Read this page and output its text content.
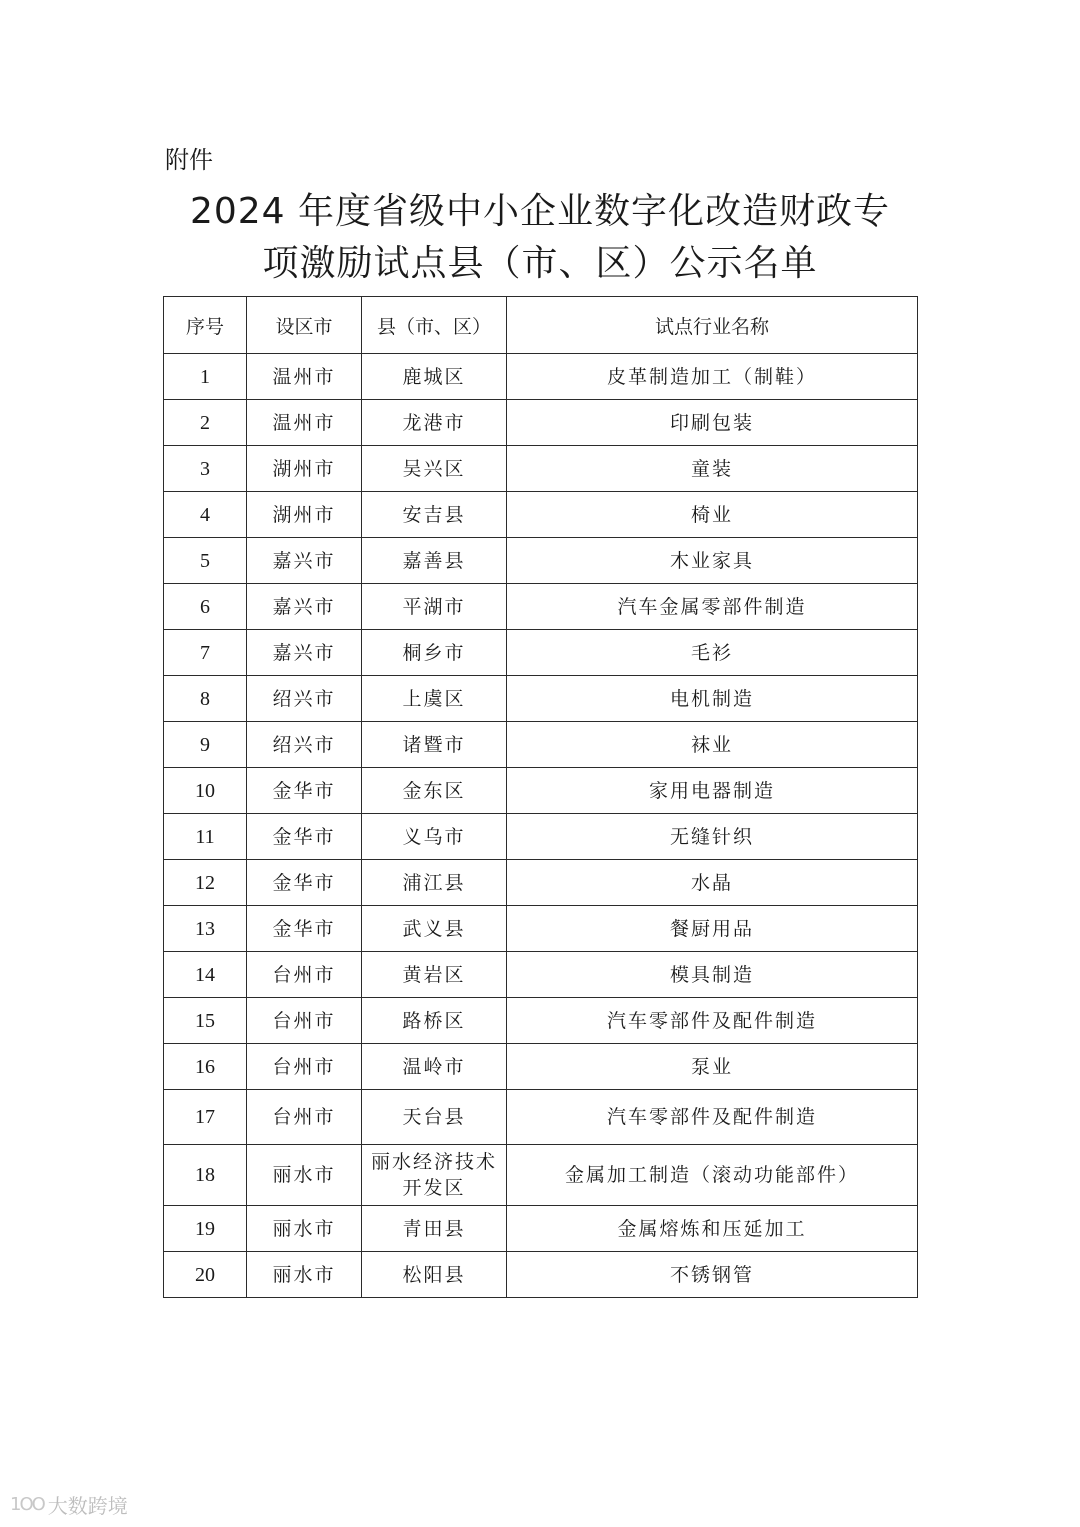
附件
2024 年度省级中小企业数字化改造财政专
项激励试点县（市、区）公示名单
序号	设区市	县（市、区）	试点行业名称
1	温州市	鹿城区	皮革制造加工（制鞋）
2	温州市	龙港市	印刷包装
3	湖州市	吴兴区	童装
4	湖州市	安吉县	椅业
5	嘉兴市	嘉善县	木业家具
6	嘉兴市	平湖市	汽车金属零部件制造
7	嘉兴市	桐乡市	毛衫
8	绍兴市	上虞区	电机制造
9	绍兴市	诸暨市	袜业
10	金华市	金东区	家用电器制造
11	金华市	义乌市	无缝针织
12	金华市	浦江县	水晶
13	金华市	武义县	餐厨用品
14	台州市	黄岩区	模具制造
15	台州市	路桥区	汽车零部件及配件制造
16	台州市	温岭市	泵业
17	台州市	天台县	汽车零部件及配件制造
18	丽水市	丽水经济技术开发区	金属加工制造（滚动功能部件）
19	丽水市	青田县	金属熔炼和压延加工
20	丽水市	松阳县	不锈钢管
1OO 大数跨境
